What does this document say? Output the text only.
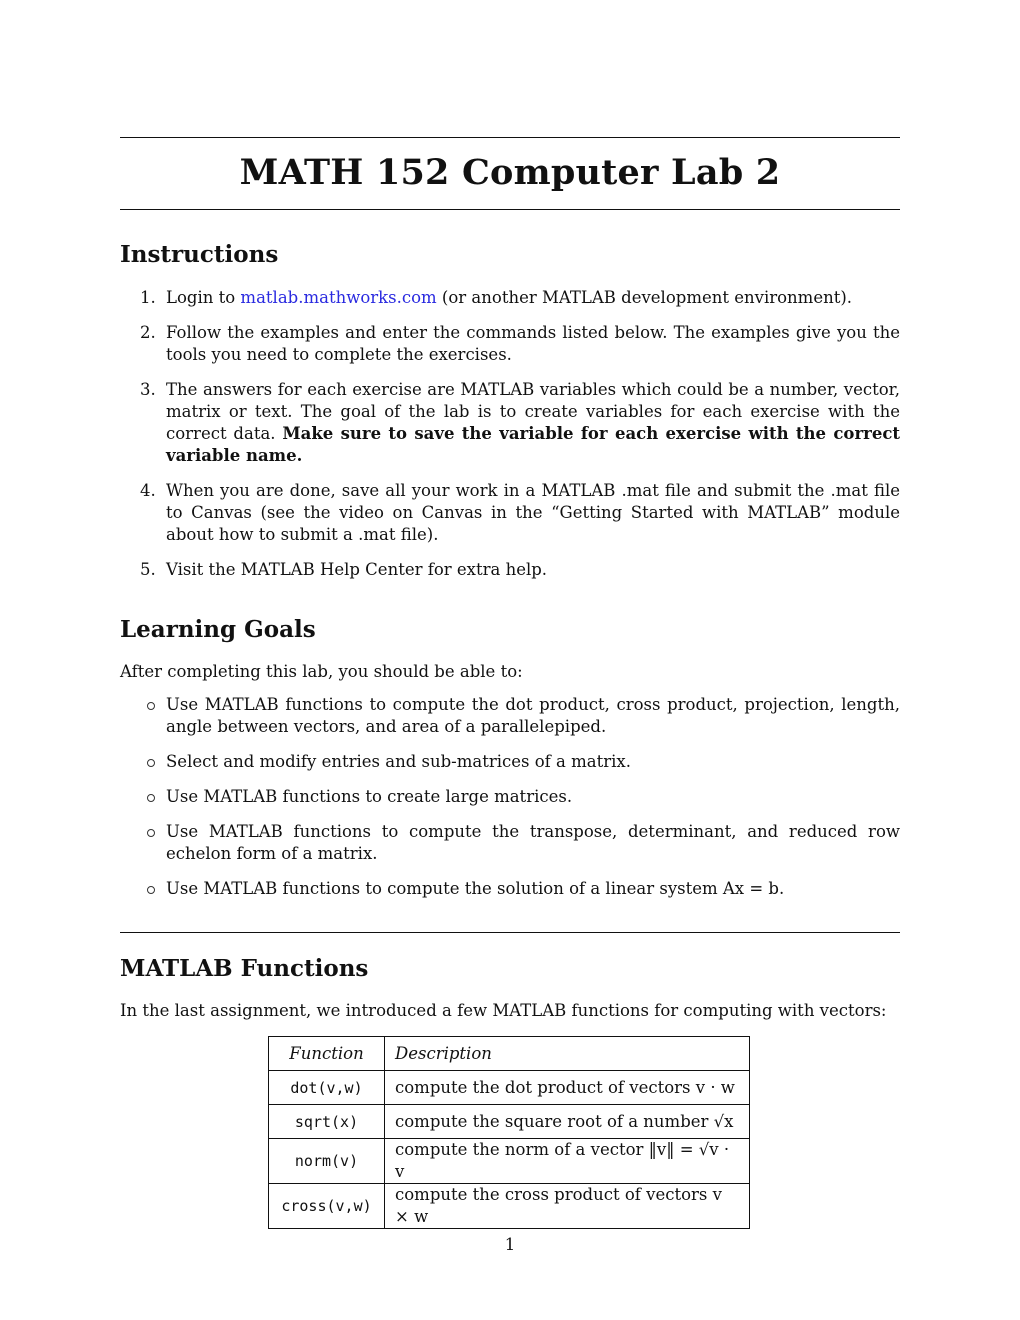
MATH 152 Computer Lab 2
Instructions
1. Login to matlab.mathworks.com (or another MATLAB development environment).
2. Follow the examples and enter the commands listed below. The examples give you the tools you need to complete the exercises.
3. The answers for each exercise are MATLAB variables which could be a number, vector, matrix or text. The goal of the lab is to create variables for each exercise with the correct data. Make sure to save the variable for each exercise with the correct variable name.
4. When you are done, save all your work in a MATLAB .mat file and submit the .mat file to Canvas (see the video on Canvas in the “Getting Started with MATLAB” module about how to submit a .mat file).
5. Visit the MATLAB Help Center for extra help.
Learning Goals

After completing this lab, you should be able to:

Use MATLAB functions to compute the dot product, cross product, projection, length, angle between vectors, and area of a parallelepiped.
Select and modify entries and sub-matrices of a matrix.
Use MATLAB functions to create large matrices.
Use MATLAB functions to compute the transpose, determinant, and reduced row echelon form of a matrix.
Use MATLAB functions to compute the solution of a linear system Ax = b.
MATLAB Functions

In the last assignment, we introduced a few MATLAB functions for computing with vectors:

Function	Description
dot(v,w)	compute the dot product of vectors v · w
sqrt(x)	compute the square root of a number √x
norm(v)	compute the norm of a vector ‖v‖ = √v · v
cross(v,w)	compute the cross product of vectors v × w
1
